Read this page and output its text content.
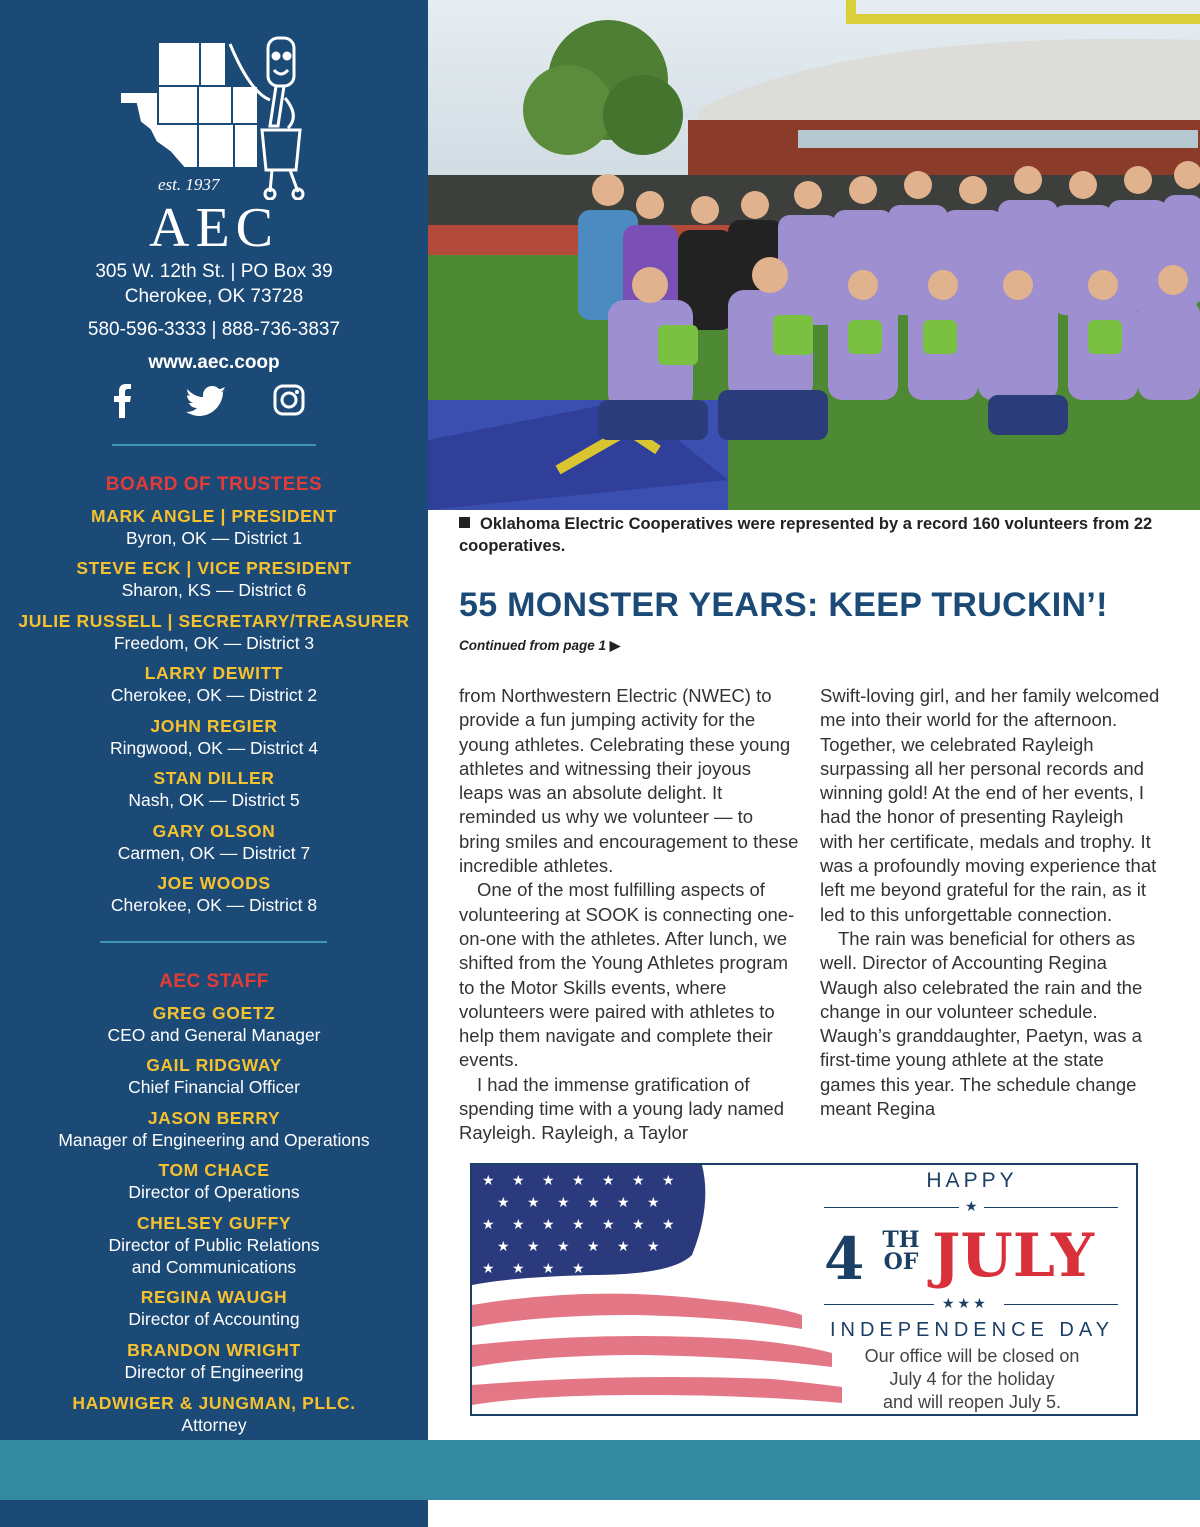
est. 1937
AEC
305 W. 12th St. | PO Box 39
Cherokee, OK 73728
580-596-3333 | 888-736-3837
www.aec.coop
BOARD OF TRUSTEES
MARK ANGLE | PRESIDENT
Byron, OK — District 1
STEVE ECK | VICE PRESIDENT
Sharon, KS — District 6
JULIE RUSSELL | SECRETARY/TREASURER
Freedom, OK — District 3
LARRY DEWITT
Cherokee, OK — District 2
JOHN REGIER
Ringwood, OK — District 4
STAN DILLER
Nash, OK — District 5
GARY OLSON
Carmen, OK — District 7
JOE WOODS
Cherokee, OK — District 8
AEC STAFF
GREG GOETZ
CEO and General Manager
GAIL RIDGWAY
Chief Financial Officer
JASON BERRY
Manager of Engineering and Operations
TOM CHACE
Director of Operations
CHELSEY GUFFY
Director of Public Relations
and Communications
REGINA WAUGH
Director of Accounting
BRANDON WRIGHT
Director of Engineering
HADWIGER & JUNGMAN, PLLC.
Attorney
Oklahoma Electric Cooperatives were represented by a record 160 volunteers from 22 cooperatives.
55 MONSTER YEARS: KEEP TRUCKIN’!
Continued from page 1 ▶

from Northwestern Electric (NWEC) to provide a fun jumping activity for the young athletes. Celebrating these young athletes and witnessing their joyous leaps was an absolute delight. It reminded us why we volunteer — to bring smiles and encouragement to these incredible athletes.

One of the most fulfilling aspects of volunteering at SOOK is connecting one-on-one with the athletes. After lunch, we shifted from the Young Athletes program to the Motor Skills events, where volunteers were paired with athletes to help them navigate and complete their events.

I had the immense gratification of spending time with a young lady named Rayleigh. Rayleigh, a Taylor

Swift-loving girl, and her family welcomed me into their world for the afternoon. Together, we celebrated Rayleigh surpassing all her personal records and winning gold! At the end of her events, I had the honor of presenting Rayleigh with her certificate, medals and trophy. It was a profoundly moving experience that left me beyond grateful for the rain, as it led to this unforgettable connection.

The rain was beneficial for others as well. Director of Accounting Regina Waugh also celebrated the rain and the change in our volunteer schedule. Waugh’s granddaughter, Paetyn, was a first-time young athlete at the state games this year. The schedule change meant Regina

★ ★ ★ ★ ★ ★ ★
★ ★ ★ ★ ★ ★
★ ★ ★ ★ ★ ★ ★
★ ★ ★ ★ ★ ★
★ ★ ★ ★
HAPPY
★
4 TH
OF JULY
★★★
INDEPENDENCE DAY
Our office will be closed on
July 4 for the holiday
and will reopen July 5.
